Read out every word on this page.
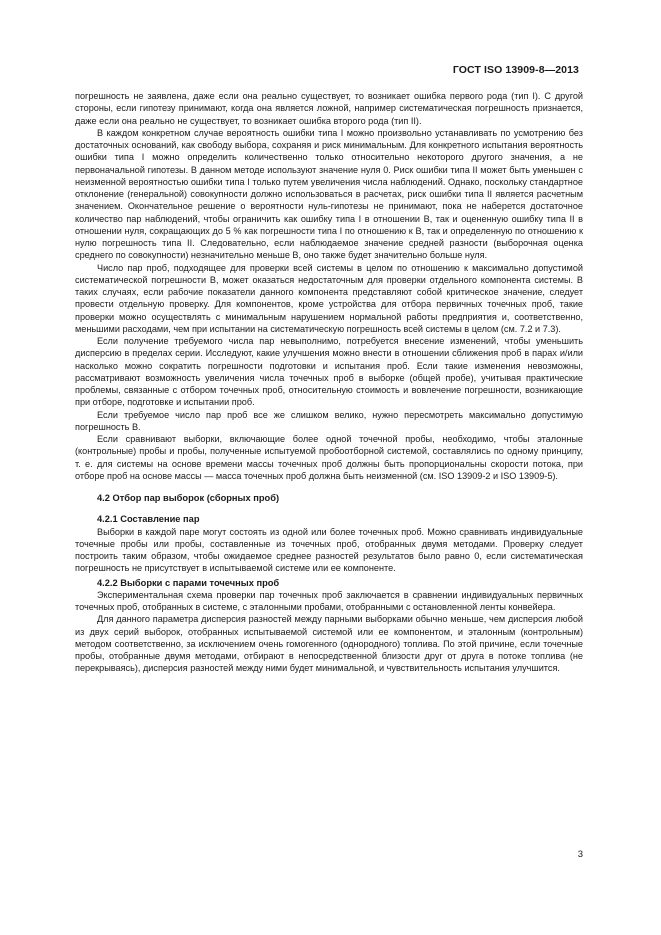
ГОСТ ISO 13909-8—2013

погрешность не заявлена, даже если она реально существует, то возникает ошибка первого рода (тип I). С другой стороны, если гипотезу принимают, когда она является ложной, например систематическая погрешность признается, даже если она реально не существует, то возникает ошибка второго рода (тип II).

В каждом конкретном случае вероятность ошибки типа I можно произвольно устанавливать по усмотрению без достаточных оснований, как свободу выбора, сохраняя и риск минимальным. Для конкретного испытания вероятность ошибки типа I можно определить количественно только относительно некоторого другого значения, а не первоначальной гипотезы. В данном методе используют значение нуля 0. Риск ошибки типа II может быть уменьшен с неизменной вероятностью ошибки типа I только путем увеличения числа наблюдений. Однако, поскольку стандартное отклонение (генеральной) совокупности должно использоваться в расчетах, риск ошибки типа II является расчетным значением. Окончательное решение о вероятности нуль-гипотезы не принимают, пока не наберется достаточное количество пар наблюдений, чтобы ограничить как ошибку типа I в отношении B, так и оцененную ошибку типа II в отношении нуля, сокращающих до 5 % как погрешности типа I по отношению к B, так и определенную по отношению к нулю погрешность типа II. Следовательно, если наблюдаемое значение средней разности (выборочная оценка среднего по совокупности) незначительно меньше B, оно также будет значительно больше нуля.

Число пар проб, подходящее для проверки всей системы в целом по отношению к максимально допустимой систематической погрешности B, может оказаться недостаточным для проверки отдельного компонента системы. В таких случаях, если рабочие показатели данного компонента представляют собой критическое значение, следует провести отдельную проверку. Для компонентов, кроме устройства для отбора первичных точечных проб, такие проверки можно осуществлять с минимальным нарушением нормальной работы предприятия и, соответственно, меньшими расходами, чем при испытании на систематическую погрешность всей системы в целом (см. 7.2 и 7.3).

Если получение требуемого числа пар невыполнимо, потребуется внесение изменений, чтобы уменьшить дисперсию в пределах серии. Исследуют, какие улучшения можно внести в отношении сближения проб в парах и/или насколько можно сократить погрешности подготовки и испытания проб. Если такие изменения невозможны, рассматривают возможность увеличения числа точечных проб в выборке (общей пробе), учитывая практические проблемы, связанные с отбором точечных проб, относительную стоимость и вовлечение погрешности, возникающие при отборе, подготовке и испытании проб.

Если требуемое число пар проб все же слишком велико, нужно пересмотреть максимально допустимую погрешность B.

Если сравнивают выборки, включающие более одной точечной пробы, необходимо, чтобы эталонные (контрольные) пробы и пробы, полученные испытуемой пробоотборной системой, составлялись по одному принципу, т. е. для системы на основе времени массы точечных проб должны быть пропорциональны скорости потока, при отборе проб на основе массы — масса точечных проб должна быть неизменной (см. ISO 13909-2 и ISO 13909-5).

4.2 Отбор пар выборок (сборных проб)

4.2.1 Составление пар

Выборки в каждой паре могут состоять из одной или более точечных проб. Можно сравнивать индивидуальные точечные пробы или пробы, составленные из точечных проб, отобранных двумя методами. Проверку следует построить таким образом, чтобы ожидаемое среднее разностей результатов было равно 0, если систематическая погрешность не присутствует в испытываемой системе или ее компоненте.

4.2.2 Выборки с парами точечных проб

Экспериментальная схема проверки пар точечных проб заключается в сравнении индивидуальных первичных точечных проб, отобранных в системе, с эталонными пробами, отобранными с остановленной ленты конвейера.

Для данного параметра дисперсия разностей между парными выборками обычно меньше, чем дисперсия любой из двух серий выборок, отобранных испытываемой системой или ее компонентом, и эталонным (контрольным) методом соответственно, за исключением очень гомогенного (однородного) топлива. По этой причине, если точечные пробы, отобранные двумя методами, отбирают в непосредственной близости друг от друга в потоке топлива (не перекрываясь), дисперсия разностей между ними будет минимальной, и чувствительность испытания улучшится.

3
